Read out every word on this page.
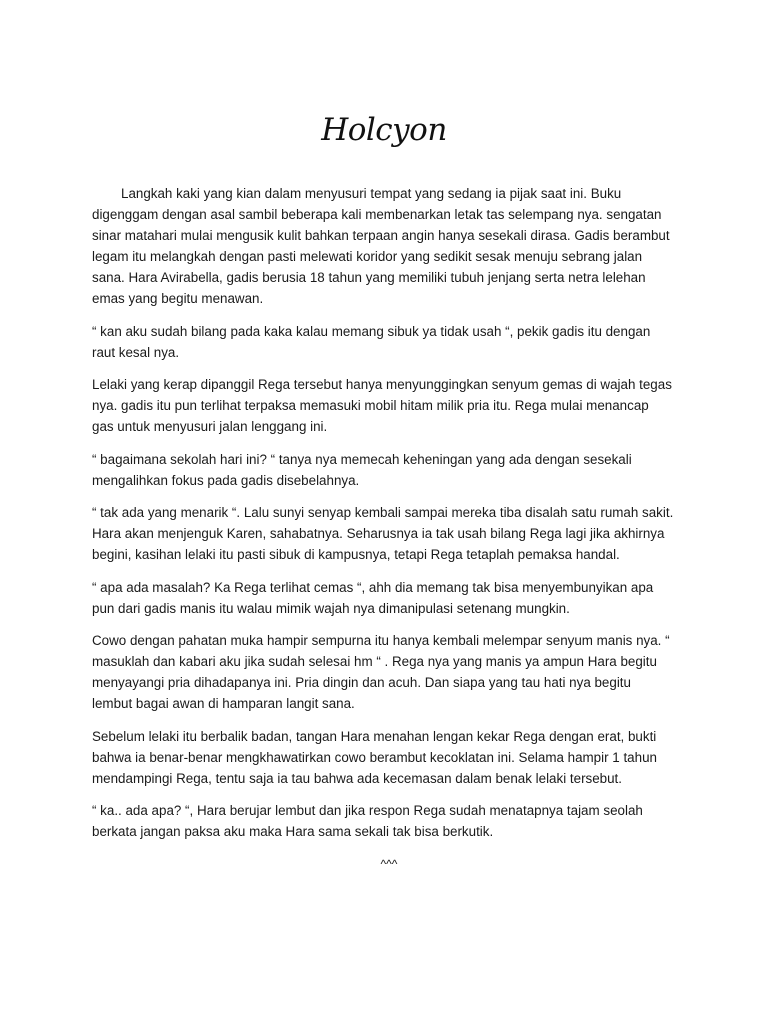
Holcyon

Langkah kaki yang kian dalam menyusuri tempat yang sedang ia pijak saat ini. Buku digenggam dengan asal sambil beberapa kali membenarkan letak tas selempang nya. sengatan sinar matahari mulai mengusik kulit bahkan terpaan angin hanya sesekali dirasa. Gadis berambut legam itu melangkah dengan pasti melewati koridor yang sedikit sesak menuju sebrang jalan sana. Hara Avirabella, gadis berusia 18 tahun yang memiliki tubuh jenjang serta netra lelehan emas yang begitu menawan.

“ kan aku sudah bilang pada kaka kalau memang sibuk ya tidak usah “, pekik gadis itu dengan raut kesal nya.

Lelaki yang kerap dipanggil Rega tersebut hanya menyunggingkan senyum gemas di wajah tegas nya. gadis itu pun terlihat terpaksa memasuki mobil hitam milik pria itu. Rega mulai menancap gas untuk menyusuri jalan lenggang ini.

“ bagaimana sekolah hari ini? “ tanya nya memecah keheningan yang ada dengan sesekali mengalihkan fokus pada gadis disebelahnya.

“ tak ada yang menarik “. Lalu sunyi senyap kembali sampai mereka tiba disalah satu rumah sakit. Hara akan menjenguk Karen, sahabatnya. Seharusnya ia tak usah bilang Rega lagi jika akhirnya begini, kasihan lelaki itu pasti sibuk di kampusnya, tetapi Rega tetaplah pemaksa handal.

“ apa ada masalah? Ka Rega terlihat cemas “, ahh dia memang tak bisa menyembunyikan apa pun dari gadis manis itu walau mimik wajah nya dimanipulasi setenang mungkin.

Cowo dengan pahatan muka hampir sempurna itu hanya kembali melempar senyum manis nya. “ masuklah dan kabari aku jika sudah selesai hm “ . Rega nya yang manis ya ampun Hara begitu menyayangi pria dihadapanya ini. Pria dingin dan acuh. Dan siapa yang tau hati nya begitu lembut bagai awan di hamparan langit sana.

Sebelum lelaki itu berbalik badan, tangan Hara menahan lengan kekar Rega dengan erat, bukti bahwa ia benar-benar mengkhawatirkan cowo berambut kecoklatan ini. Selama hampir 1 tahun mendampingi Rega, tentu saja ia tau bahwa ada kecemasan dalam benak lelaki tersebut.

“ ka.. ada apa? “, Hara berujar lembut dan jika respon Rega sudah menatapnya tajam seolah berkata jangan paksa aku maka Hara sama sekali tak bisa berkutik.

^^^
